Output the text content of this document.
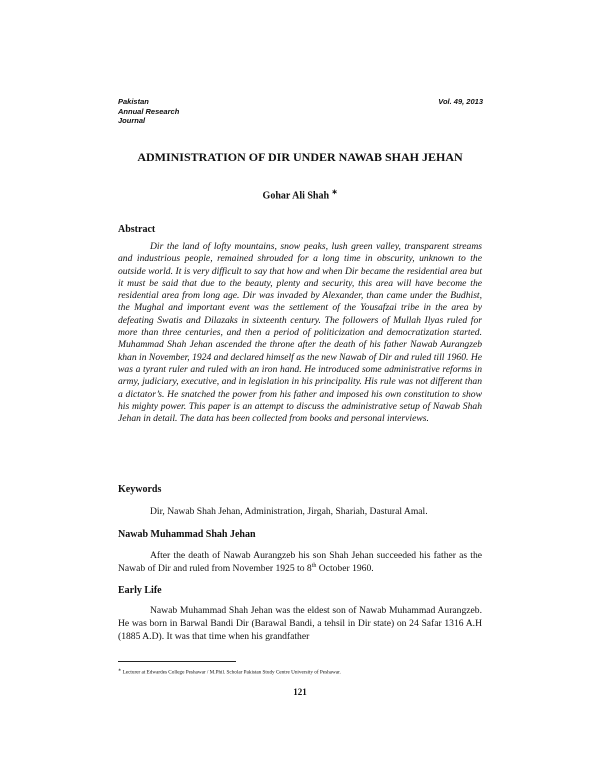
Pakistan
Annual Research
Journal
Vol. 49, 2013
ADMINISTRATION OF DIR UNDER NAWAB SHAH JEHAN
Gohar Ali Shah ∗
Abstract

Dir the land of lofty mountains, snow peaks, lush green valley, transparent streams and industrious people, remained shrouded for a long time in obscurity, unknown to the outside world. It is very difficult to say that how and when Dir became the residential area but it must be said that due to the beauty, plenty and security, this area will have become the residential area from long age. Dir was invaded by Alexander, than came under the Budhist, the Mughal and important event was the settlement of the Yousafzai tribe in the area by defeating Swatis and Dilazaks in sixteenth century. The followers of Mullah Ilyas ruled for more than three centuries, and then a period of politicization and democratization started. Muhammad Shah Jehan ascended the throne after the death of his father Nawab Aurangzeb khan in November, 1924 and declared himself as the new Nawab of Dir and ruled till 1960. He was a tyrant ruler and ruled with an iron hand. He introduced some administrative reforms in army, judiciary, executive, and in legislation in his principality. His rule was not different than a dictator’s. He snatched the power from his father and imposed his own constitution to show his mighty power. This paper is an attempt to discuss the administrative setup of Nawab Shah Jehan in detail. The data has been collected from books and personal interviews.

Keywords

Dir, Nawab Shah Jehan, Administration, Jirgah, Shariah, Dastural Amal.

Nawab Muhammad Shah Jehan

After the death of Nawab Aurangzeb his son Shah Jehan succeeded his father as the Nawab of Dir and ruled from November 1925 to 8th October 1960.

Early Life

Nawab Muhammad Shah Jehan was the eldest son of Nawab Muhammad Aurangzeb. He was born in Barwal Bandi Dir (Barawal Bandi, a tehsil in Dir state) on 24 Safar 1316 A.H (1885 A.D). It was that time when his grandfather

∗ Lecturer at Edwardes College Peshawar / M.Phil. Scholar Pakistan Study Centre University of Peshawar.
121
